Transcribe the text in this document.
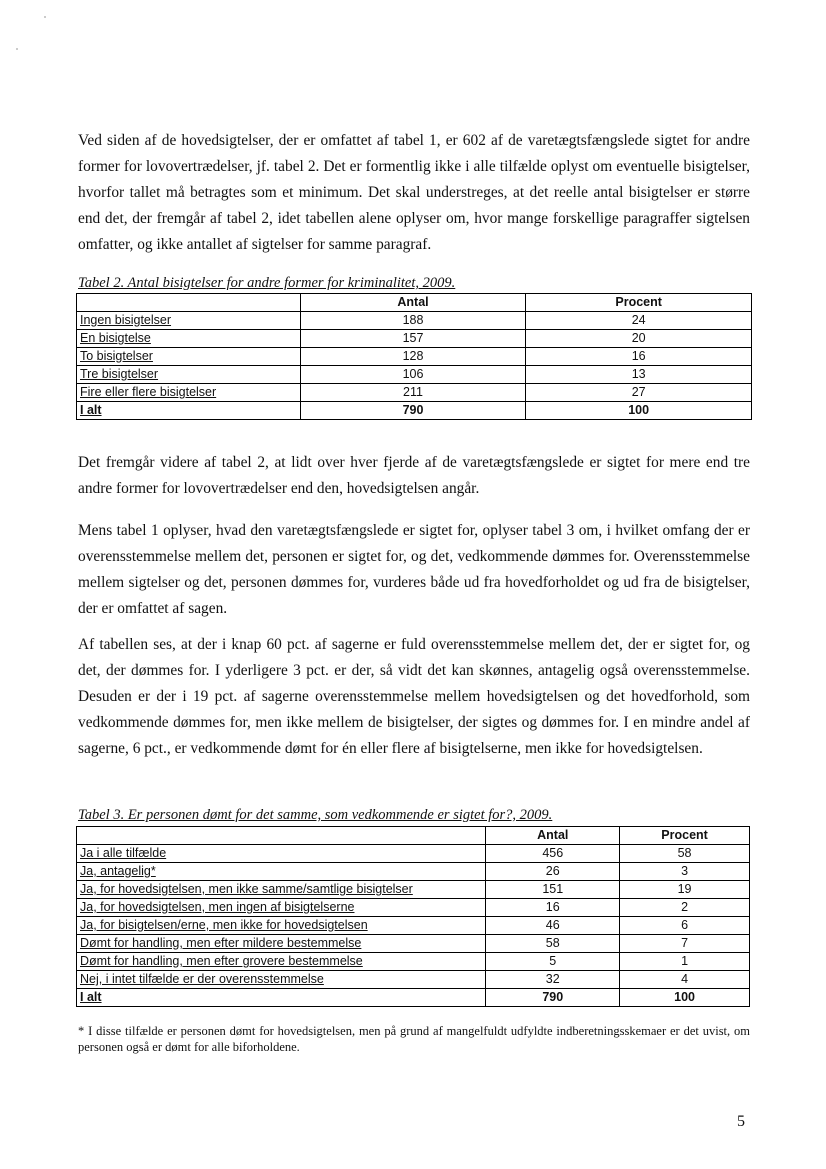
Ved siden af de hovedsigtelser, der er omfattet af tabel 1, er 602 af de varetægtsfængslede sigtet for andre former for lovovertrædelser, jf. tabel 2. Det er formentlig ikke i alle tilfælde oplyst om eventuelle bisigtelser, hvorfor tallet må betragtes som et minimum. Det skal understreges, at det reelle antal bisigtelser er større end det, der fremgår af tabel 2, idet tabellen alene oplyser om, hvor mange forskellige paragraffer sigtelsen omfatter, og ikke antallet af sigtelser for samme paragraf.

Tabel 2. Antal bisigtelser for andre former for kriminalitet, 2009.

	Antal	Procent
Ingen bisigtelser	188	24
En bisigtelse	157	20
To bisigtelser	128	16
Tre bisigtelser	106	13
Fire eller flere bisigtelser	211	27
I alt	790	100

Det fremgår videre af tabel 2, at lidt over hver fjerde af de varetægtsfængslede er sigtet for mere end tre andre former for lovovertrædelser end den, hovedsigtelsen angår.

Mens tabel 1 oplyser, hvad den varetægtsfængslede er sigtet for, oplyser tabel 3 om, i hvilket omfang der er overensstemmelse mellem det, personen er sigtet for, og det, vedkommende dømmes for. Overensstemmelse mellem sigtelser og det, personen dømmes for, vurderes både ud fra hovedforholdet og ud fra de bisigtelser, der er omfattet af sagen.

Af tabellen ses, at der i knap 60 pct. af sagerne er fuld overensstemmelse mellem det, der er sigtet for, og det, der dømmes for. I yderligere 3 pct. er der, så vidt det kan skønnes, antagelig også overensstemmelse. Desuden er der i 19 pct. af sagerne overensstemmelse mellem hovedsigtelsen og det hovedforhold, som vedkommende dømmes for, men ikke mellem de bisigtelser, der sigtes og dømmes for. I en mindre andel af sagerne, 6 pct., er vedkommende dømt for én eller flere af bisigtelserne, men ikke for hovedsigtelsen.

Tabel 3. Er personen dømt for det samme, som vedkommende er sigtet for?, 2009.

	Antal	Procent
Ja i alle tilfælde	456	58
Ja, antagelig*	26	3
Ja, for hovedsigtelsen, men ikke samme/samtlige bisigtelser	151	19
Ja, for hovedsigtelsen, men ingen af bisigtelserne	16	2
Ja, for bisigtelsen/erne, men ikke for hovedsigtelsen	46	6
Dømt for handling, men efter mildere bestemmelse	58	7
Dømt for handling, men efter grovere bestemmelse	5	1
Nej, i intet tilfælde er der overensstemmelse	32	4
I alt	790	100

* I disse tilfælde er personen dømt for hovedsigtelsen, men på grund af mangelfuldt udfyldte indberetningsskemaer er det uvist, om personen også er dømt for alle biforholdene.

5
